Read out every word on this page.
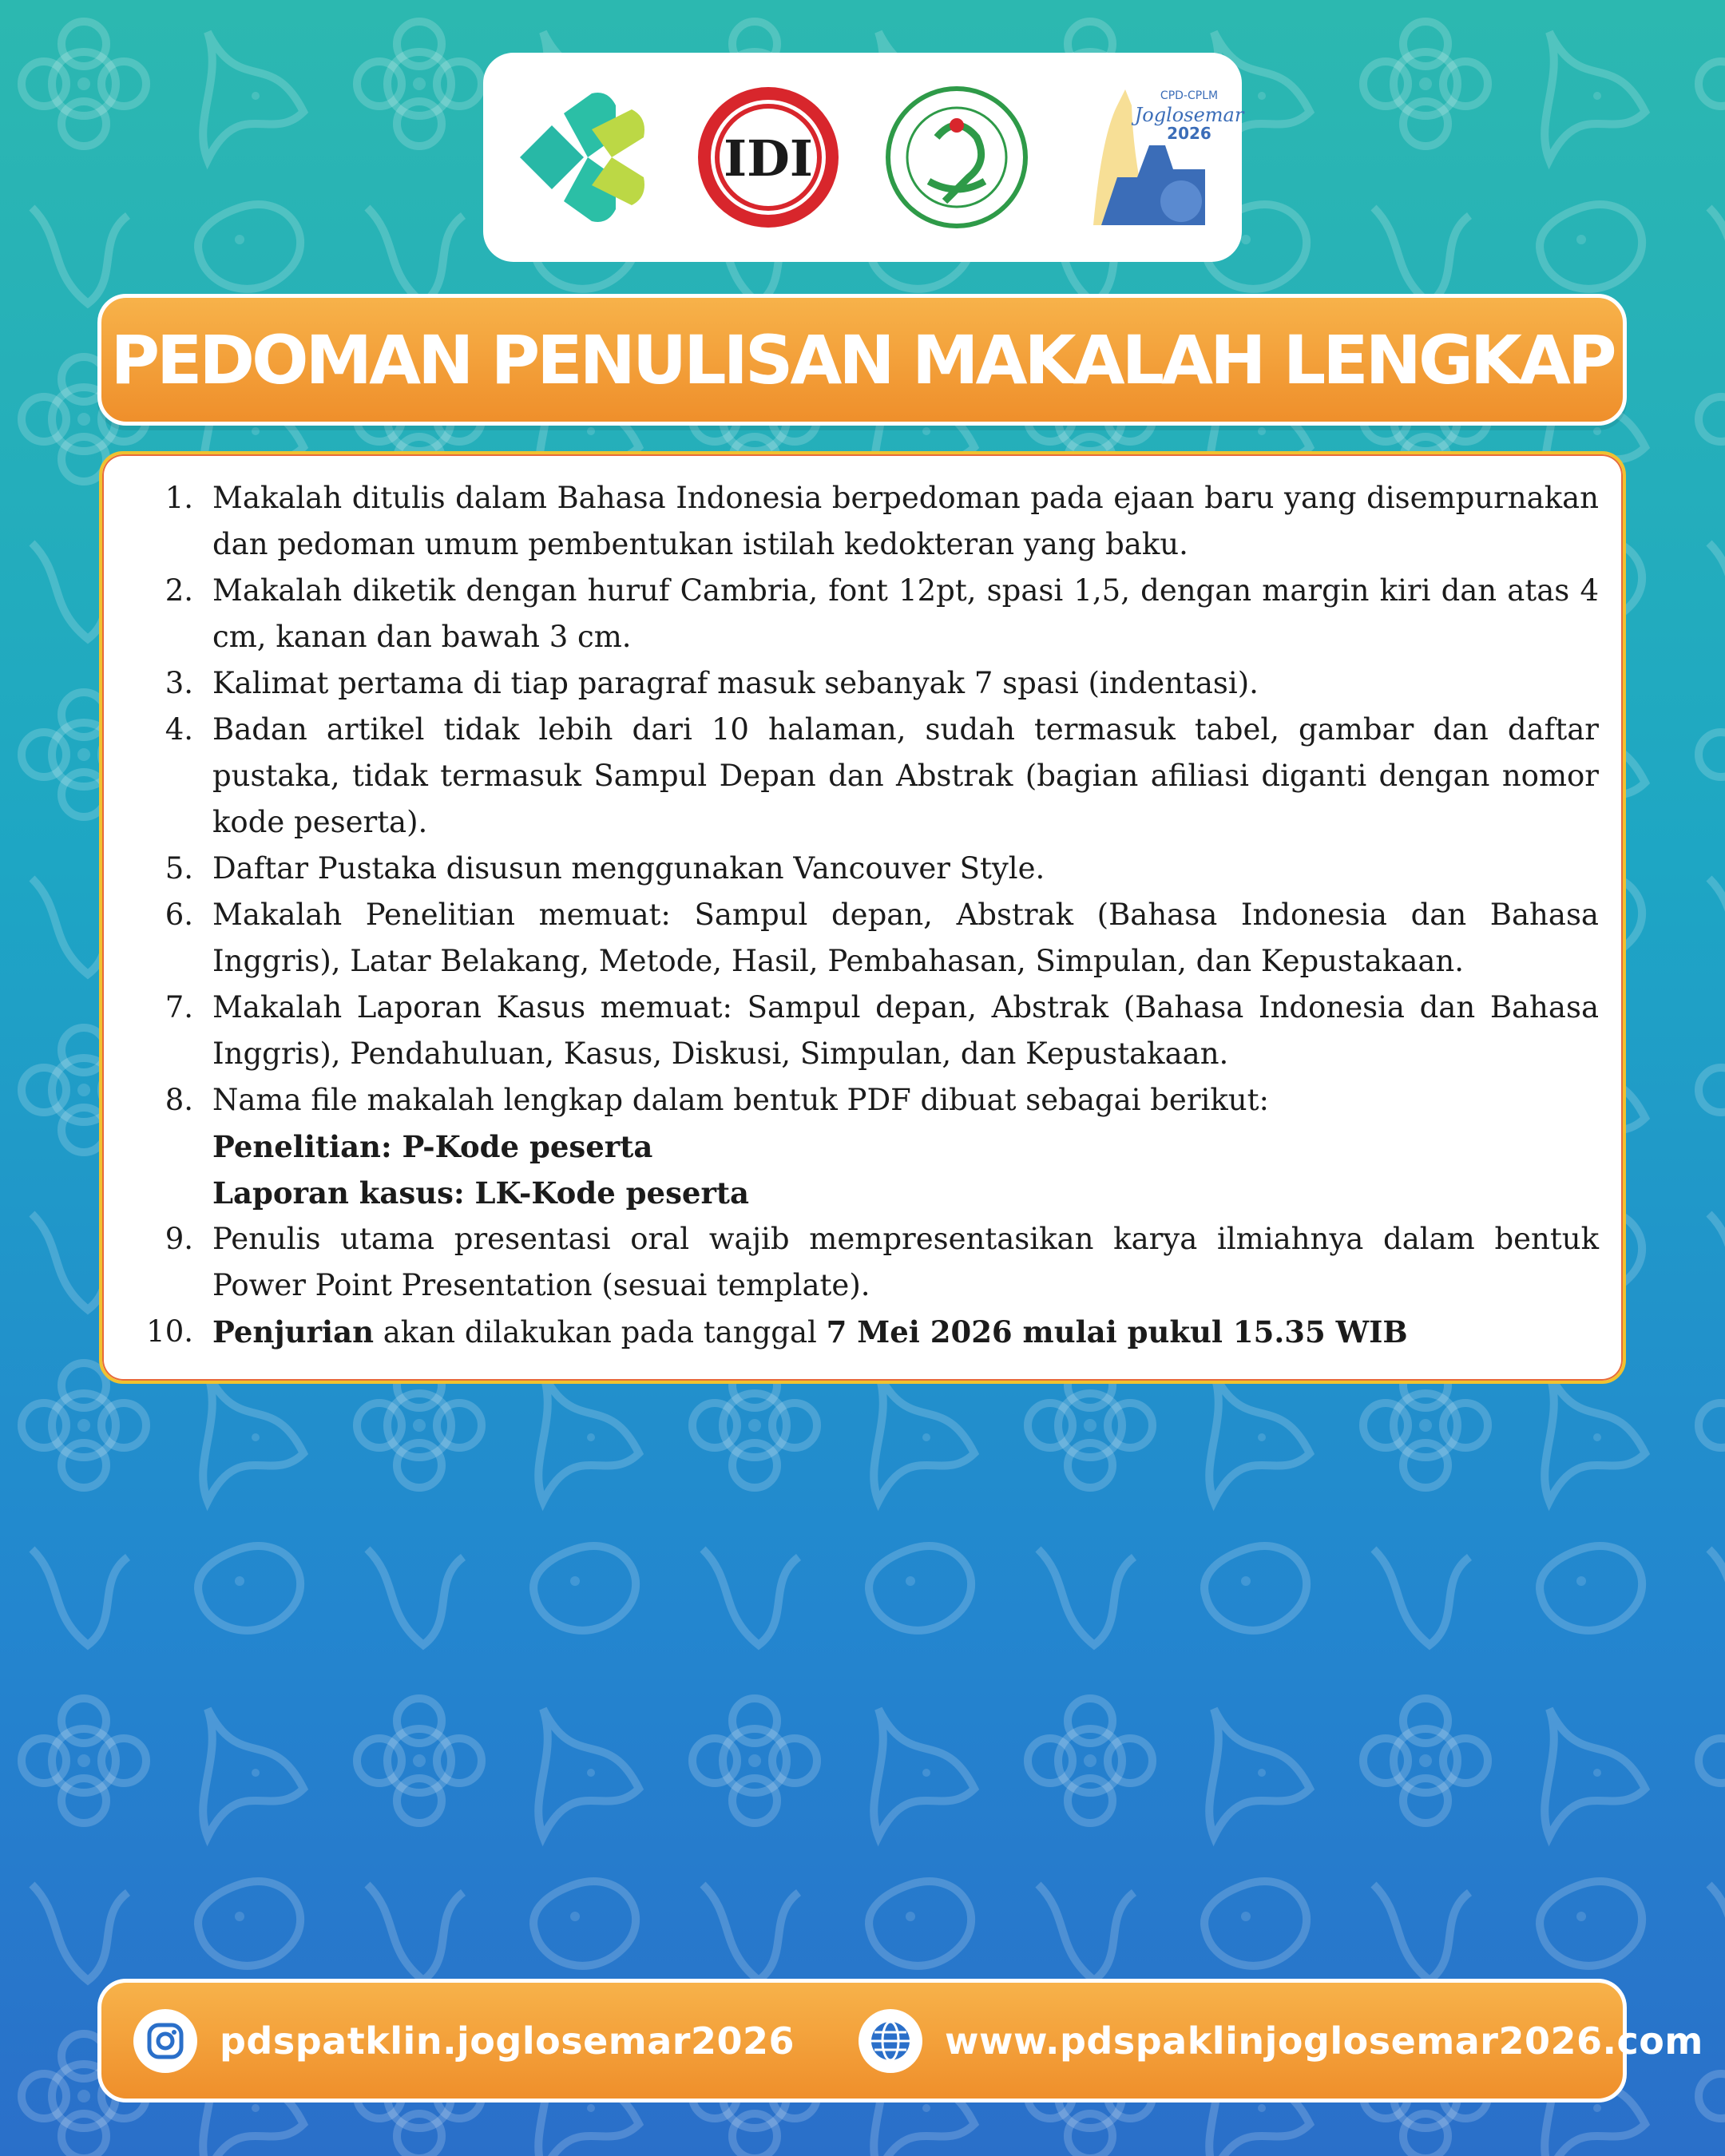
IDI
CPD-CPLM
Joglosemar
2026
PEDOMAN PENULISAN MAKALAH LENGKAP
1. Makalah ditulis dalam Bahasa Indonesia berpedoman pada ejaan baru yang disempurnakan dan pedoman umum pembentukan istilah kedokteran yang baku.
2. Makalah diketik dengan huruf Cambria, font 12pt, spasi 1,5, dengan margin kiri dan atas 4 cm, kanan dan bawah 3 cm.
3. Kalimat pertama di tiap paragraf masuk sebanyak 7 spasi (indentasi).
4. Badan artikel tidak lebih dari 10 halaman, sudah termasuk tabel, gambar dan daftar pustaka, tidak termasuk Sampul Depan dan Abstrak (bagian afiliasi diganti dengan nomor kode peserta).
5. Daftar Pustaka disusun menggunakan Vancouver Style.
6. Makalah Penelitian memuat: Sampul depan, Abstrak (Bahasa Indonesia dan Bahasa Inggris), Latar Belakang, Metode, Hasil, Pembahasan, Simpulan, dan Kepustakaan.
7. Makalah Laporan Kasus memuat: Sampul depan, Abstrak (Bahasa Indonesia dan Bahasa Inggris), Pendahuluan, Kasus, Diskusi, Simpulan, dan Kepustakaan.
8. Nama file makalah lengkap dalam bentuk PDF dibuat sebagai berikut:
Penelitian: P-Kode peserta
Laporan kasus: LK-Kode peserta
9. Penulis utama presentasi oral wajib mempresentasikan karya ilmiahnya dalam bentuk Power Point Presentation (sesuai template).
10. Penjurian akan dilakukan pada tanggal 7 Mei 2026 mulai pukul 15.35 WIB
pdspatklin.joglosemar2026	www.pdspaklinjoglosemar2026.com
